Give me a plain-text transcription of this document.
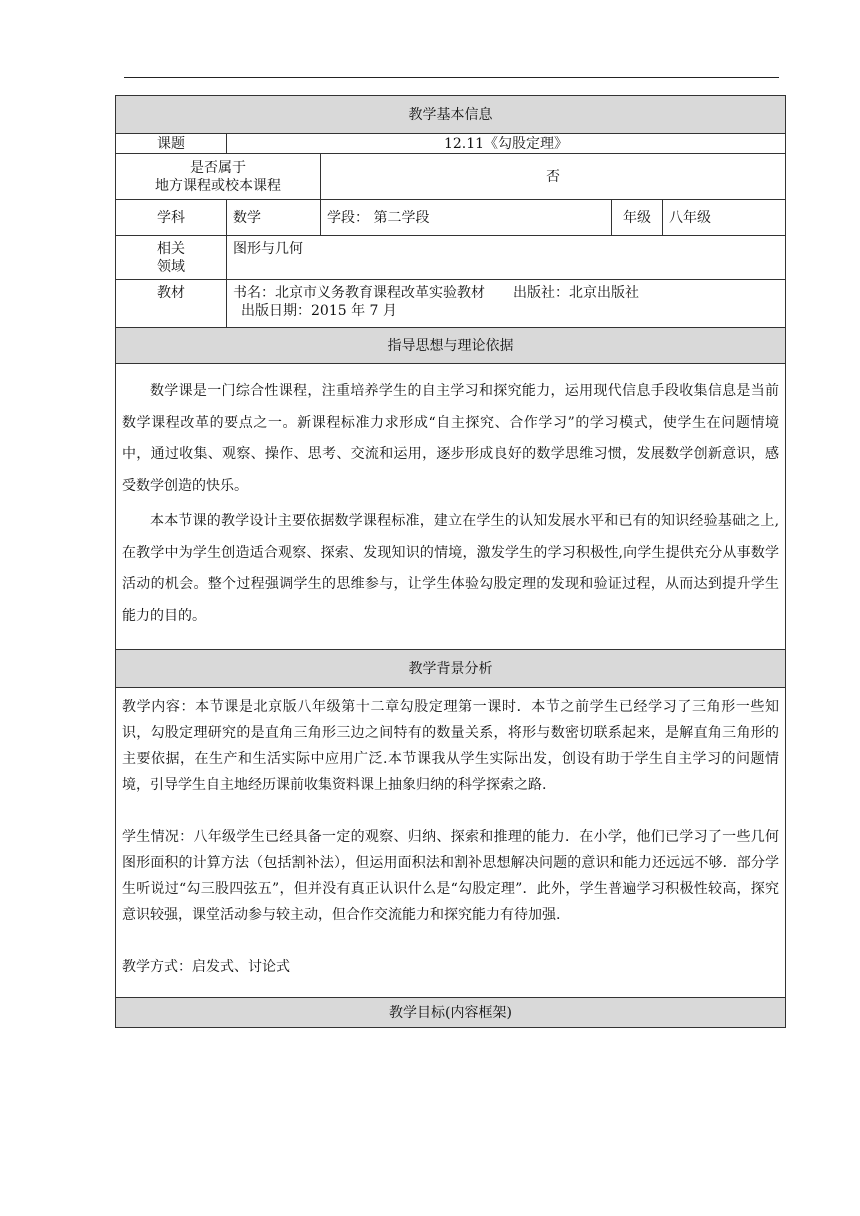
教学基本信息				
课题	12.11《勾股定理》			

是否属于
地方课程或校本课程		否		
学科	数学	学段： 第二学段	年级	八年级

相关
领域	图形与几何			
教材	书名：北京市义务教育课程改革实验教材　　出版社：北京出版社
出版日期：2015 年 7 月			

指导思想与理论依据				

数学课是一门综合性课程，注重培养学生的自主学习和探究能力，运用现代信息手段收集信息是当前数学课程改革的要点之一。新课程标准力求形成“自主探究、合作学习”的学习模式，使学生在问题情境中，通过收集、观察、操作、思考、交流和运用，逐步形成良好的数学思维习惯，发展数学创新意识，感受数学创造的快乐。

本本节课的教学设计主要依据数学课程标准，建立在学生的认知发展水平和已有的知识经验基础之上, 在教学中为学生创造适合观察、探索、发现知识的情境，激发学生的学习积极性,向学生提供充分从事数学活动的机会。整个过程强调学生的思维参与，让学生体验勾股定理的发现和验证过程，从而达到提升学生能力的目的。				

教学背景分析				

教学内容：本节课是北京版八年级第十二章勾股定理第一课时．本节之前学生已经学习了三角形一些知识，勾股定理研究的是直角三角形三边之间特有的数量关系，将形与数密切联系起来，是解直角三角形的主要依据，在生产和生活实际中应用广泛.本节课我从学生实际出发，创设有助于学生自主学习的问题情境，引导学生自主地经历课前收集资料课上抽象归纳的科学探索之路.

学生情况：八年级学生已经具备一定的观察、归纳、探索和推理的能力．在小学，他们已学习了一些几何图形面积的计算方法（包括割补法），但运用面积法和割补思想解决问题的意识和能力还远远不够．部分学生听说过“勾三股四弦五”，但并没有真正认识什么是“勾股定理”．此外，学生普遍学习积极性较高，探究意识较强，课堂活动参与较主动，但合作交流能力和探究能力有待加强.

教学方式：启发式、讨论式				

教学目标(内容框架)				
